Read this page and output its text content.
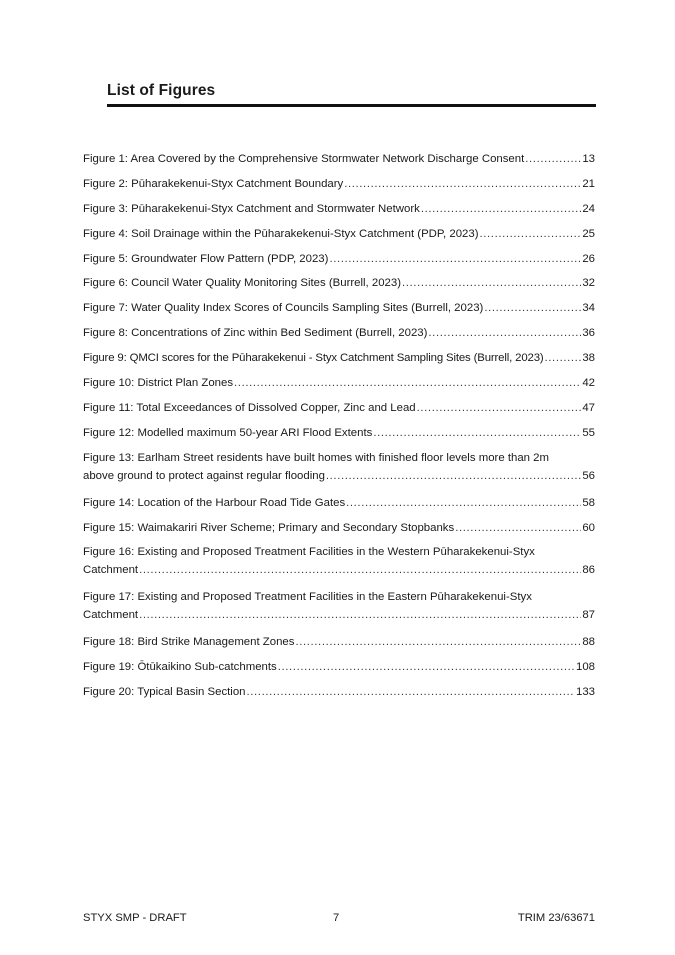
List of Figures
Figure 1: Area Covered by the Comprehensive Stormwater Network Discharge Consent .....	13
Figure 2: Pūharakekenui-Styx Catchment Boundary .....	21
Figure 3: Pūharakekenui-Styx Catchment and Stormwater Network .....	24
Figure 4: Soil Drainage within the Pūharakekenui-Styx Catchment (PDP, 2023) .....	25
Figure 5: Groundwater Flow Pattern (PDP, 2023) .....	26
Figure 6: Council Water Quality Monitoring Sites (Burrell, 2023) .....	32
Figure 7: Water Quality Index Scores of Councils Sampling Sites (Burrell, 2023) .....	34
Figure 8: Concentrations of Zinc within Bed Sediment (Burrell, 2023) .....	36
Figure 9: QMCI scores for the Pūharakekenui - Styx Catchment Sampling Sites (Burrell, 2023) .....	38
Figure 10: District Plan Zones .....	42
Figure 11: Total Exceedances of Dissolved Copper, Zinc and Lead .....	47
Figure 12: Modelled maximum 50-year ARI Flood Extents .....	55
Figure 13: Earlham Street residents have built homes with finished floor levels more than 2m
above ground to protect against regular flooding .....	56
Figure 14: Location of the Harbour Road Tide Gates .....	58
Figure 15: Waimakariri River Scheme; Primary and Secondary Stopbanks .....	60
Figure 16: Existing and Proposed Treatment Facilities in the Western Pūharakekenui-Styx
Catchment .....	86
Figure 17: Existing and Proposed Treatment Facilities in the Eastern Pūharakekenui-Styx
Catchment .....	87
Figure 18: Bird Strike Management Zones .....	88
Figure 19: Ōtūkaikino Sub-catchments .....	108
Figure 20: Typical Basin Section .....	133
STYX SMP - DRAFT	7	TRIM 23/63671
